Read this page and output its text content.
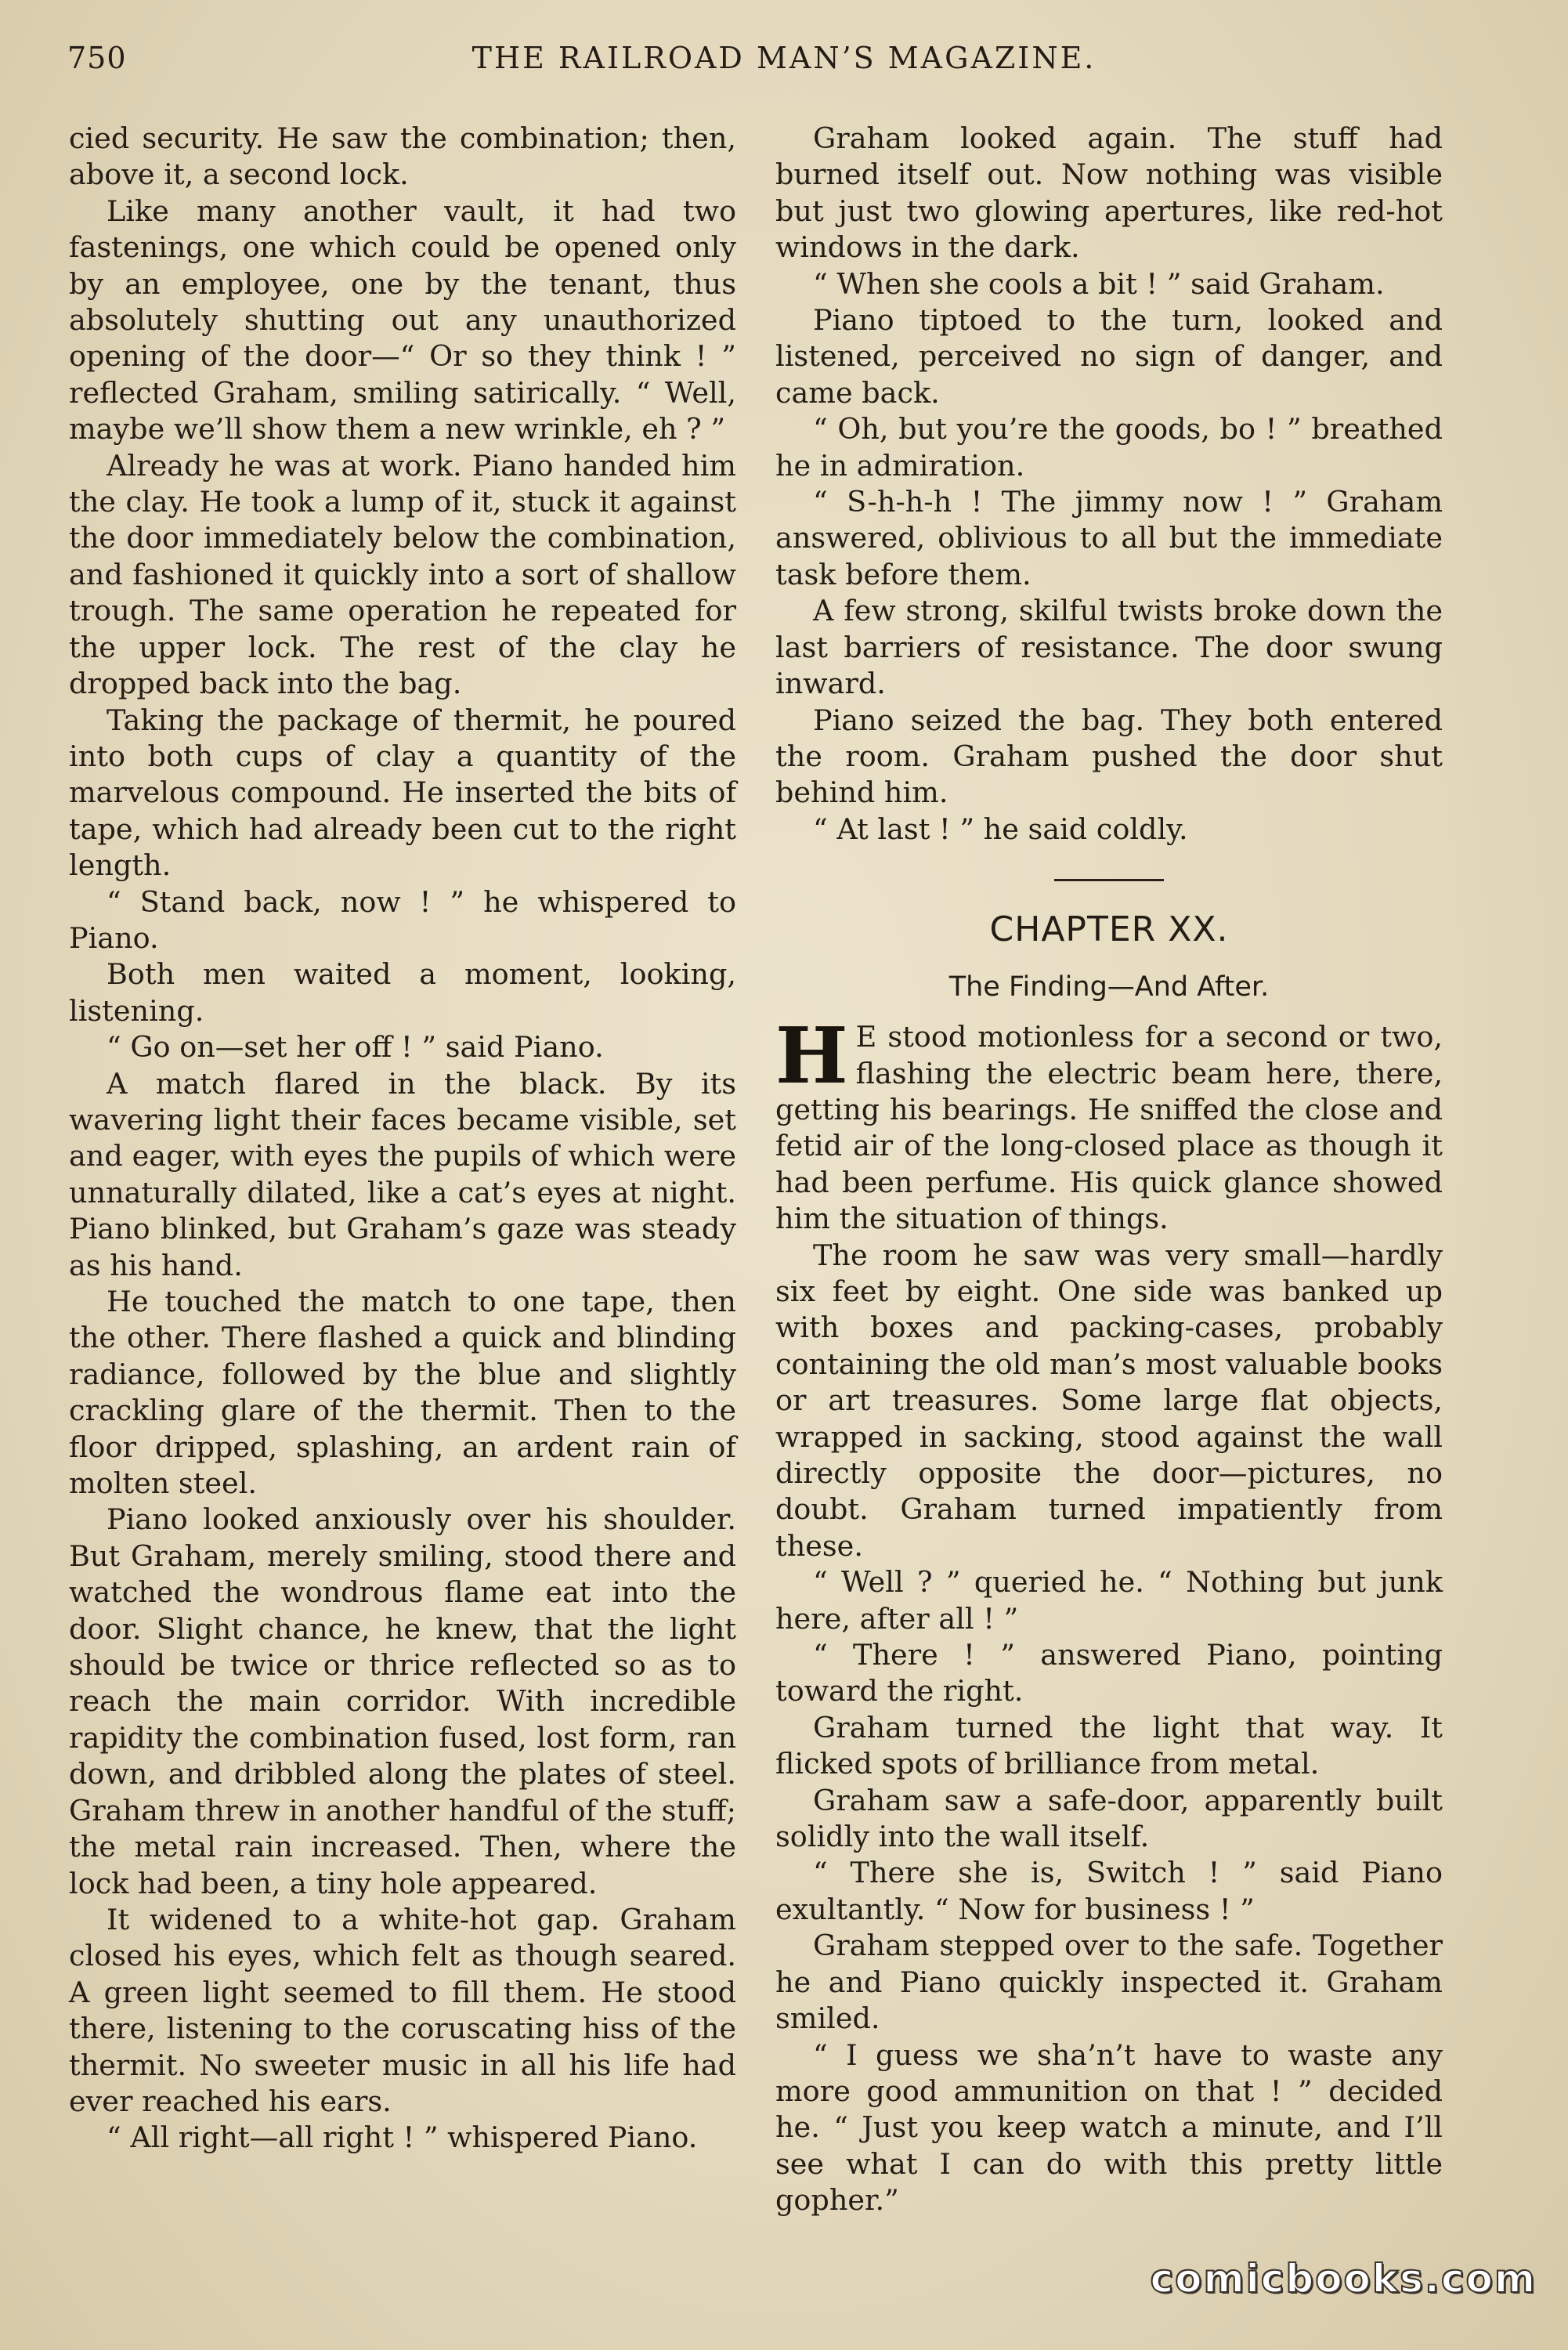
750	THE RAILROAD MAN’S MAGAZINE.

cied security. He saw the combination; then, above it, a second lock.

Like many another vault, it had two fastenings, one which could be opened only by an employee, one by the tenant, thus absolutely shutting out any unauthorized opening of the door—“ Or so they think ! ” reflected Graham, smiling satirically. “ Well, maybe we’ll show them a new wrinkle, eh ? ”

Already he was at work. Piano handed him the clay. He took a lump of it, stuck it against the door immediately below the combination, and fashioned it quickly into a sort of shallow trough. The same operation he repeated for the upper lock. The rest of the clay he dropped back into the bag.

Taking the package of thermit, he poured into both cups of clay a quantity of the marvelous compound. He inserted the bits of tape, which had already been cut to the right length.

“ Stand back, now ! ” he whispered to Piano.

Both men waited a moment, looking, listening.

“ Go on—set her off ! ” said Piano.

A match flared in the black. By its wavering light their faces became visible, set and eager, with eyes the pupils of which were unnaturally dilated, like a cat’s eyes at night. Piano blinked, but Graham’s gaze was steady as his hand.

He touched the match to one tape, then the other. There flashed a quick and blinding radiance, followed by the blue and slightly crackling glare of the thermit. Then to the floor dripped, splashing, an ardent rain of molten steel.

Piano looked anxiously over his shoulder. But Graham, merely smiling, stood there and watched the wondrous flame eat into the door. Slight chance, he knew, that the light should be twice or thrice reflected so as to reach the main corridor. With incredible rapidity the combination fused, lost form, ran down, and dribbled along the plates of steel. Graham threw in another handful of the stuff; the metal rain increased. Then, where the lock had been, a tiny hole appeared.

It widened to a white-hot gap. Graham closed his eyes, which felt as though seared. A green light seemed to fill them. He stood there, listening to the coruscating hiss of the thermit. No sweeter music in all his life had ever reached his ears.

“ All right—all right ! ” whispered Piano.

Graham looked again. The stuff had burned itself out. Now nothing was visible but just two glowing apertures, like red-hot windows in the dark.

“ When she cools a bit ! ” said Graham.

Piano tiptoed to the turn, looked and listened, perceived no sign of danger, and came back.

“ Oh, but you’re the goods, bo ! ” breathed he in admiration.

“ S-h-h-h ! The jimmy now ! ” Graham answered, oblivious to all but the immediate task before them.

A few strong, skilful twists broke down the last barriers of resistance. The door swung inward.

Piano seized the bag. They both entered the room. Graham pushed the door shut behind him.

“ At last ! ” he said coldly.

CHAPTER XX.
The Finding—And After.

H E stood motionless for a second or two, flashing the electric beam here, there, getting his bearings. He sniffed the close and fetid air of the long-closed place as though it had been perfume. His quick glance showed him the situation of things.

The room he saw was very small—hardly six feet by eight. One side was banked up with boxes and packing-cases, probably containing the old man’s most valuable books or art treasures. Some large flat objects, wrapped in sacking, stood against the wall directly opposite the door—pictures, no doubt. Graham turned impatiently from these.

“ Well ? ” queried he. “ Nothing but junk here, after all ! ”

“ There ! ” answered Piano, pointing toward the right.

Graham turned the light that way. It flicked spots of brilliance from metal.

Graham saw a safe-door, apparently built solidly into the wall itself.

“ There she is, Switch ! ” said Piano exultantly. “ Now for business ! ”

Graham stepped over to the safe. Together he and Piano quickly inspected it. Graham smiled.

“ I guess we sha’n’t have to waste any more good ammunition on that ! ” decided he. “ Just you keep watch a minute, and I’ll see what I can do with this pretty little gopher.”

comicbooks.com
